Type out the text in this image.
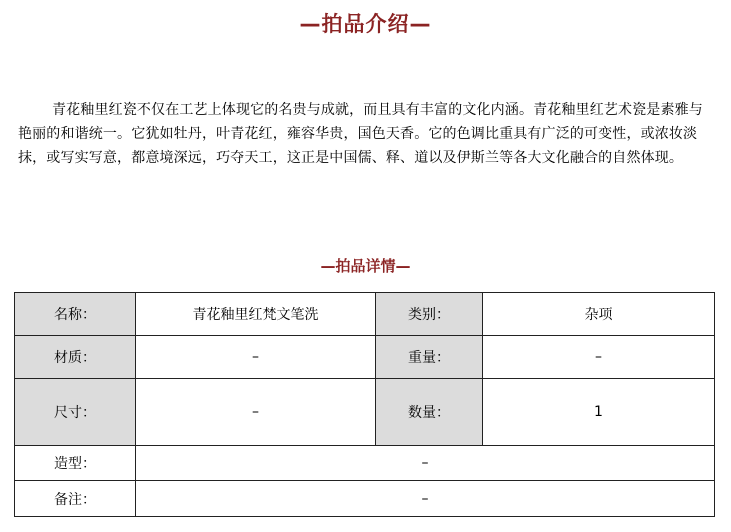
—拍品介绍—

青花釉里红瓷不仅在工艺上体现它的名贵与成就，而且具有丰富的文化内涵。青花釉里红艺术瓷是素雅与艳丽的和谐统一。它犹如牡丹，叶青花红，雍容华贵，国色天香。它的色调比重具有广泛的可变性，或浓妆淡抹，或写实写意，都意境深远，巧夺天工，这正是中国儒、释、道以及伊斯兰等各大文化融合的自然体现。

—拍品详情—
名称：	青花釉里红梵文笔洗	类别：	杂项
材质：	–	重量：	–
尺寸：	–	数量：	1
造型：	–		
备注：	–		
